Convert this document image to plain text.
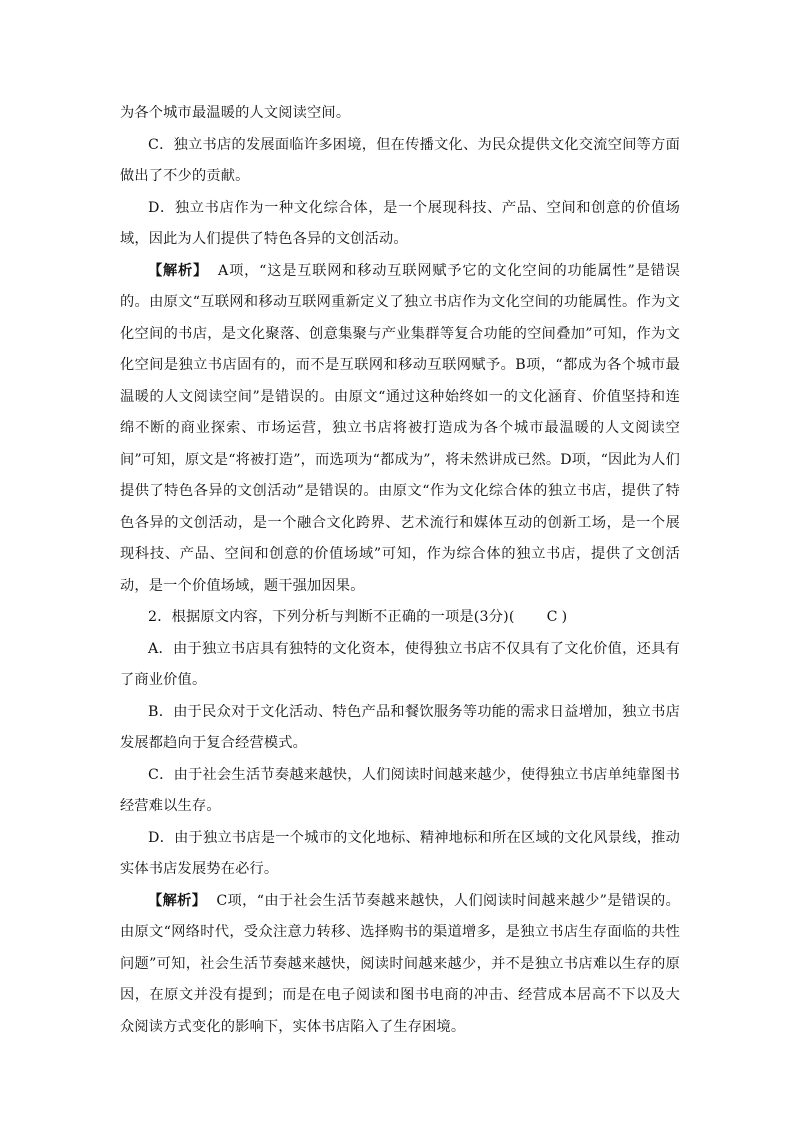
为各个城市最温暖的人文阅读空间。

C．独立书店的发展面临许多困境，但在传播文化、为民众提供文化交流空间等方面做出了不少的贡献。

D．独立书店作为一种文化综合体，是一个展现科技、产品、空间和创意的价值场域，因此为人们提供了特色各异的文创活动。

【解析】 A项，“这是互联网和移动互联网赋予它的文化空间的功能属性”是错误的。由原文“互联网和移动互联网重新定义了独立书店作为文化空间的功能属性。作为文化空间的书店，是文化聚落、创意集聚与产业集群等复合功能的空间叠加”可知，作为文化空间是独立书店固有的，而不是互联网和移动互联网赋予。B项，“都成为各个城市最温暖的人文阅读空间”是错误的。由原文“通过这种始终如一的文化涵育、价值坚持和连绵不断的商业探索、市场运营，独立书店将被打造成为各个城市最温暖的人文阅读空间”可知，原文是“将被打造”，而选项为“都成为”，将未然讲成已然。D项，“因此为人们提供了特色各异的文创活动”是错误的。由原文“作为文化综合体的独立书店，提供了特色各异的文创活动，是一个融合文化跨界、艺术流行和媒体互动的创新工场，是一个展现科技、产品、空间和创意的价值场域”可知，作为综合体的独立书店，提供了文创活动，是一个价值场域，题干强加因果。

2．根据原文内容，下列分析与判断不正确的一项是(3分)( C )

A．由于独立书店具有独特的文化资本，使得独立书店不仅具有了文化价值，还具有了商业价值。

B．由于民众对于文化活动、特色产品和餐饮服务等功能的需求日益增加，独立书店发展都趋向于复合经营模式。

C．由于社会生活节奏越来越快，人们阅读时间越来越少，使得独立书店单纯靠图书经营难以生存。

D．由于独立书店是一个城市的文化地标、精神地标和所在区域的文化风景线，推动实体书店发展势在必行。

【解析】 C项，“由于社会生活节奏越来越快，人们阅读时间越来越少”是错误的。由原文“网络时代，受众注意力转移、选择购书的渠道增多，是独立书店生存面临的共性问题”可知，社会生活节奏越来越快，阅读时间越来越少，并不是独立书店难以生存的原因，在原文并没有提到；而是在电子阅读和图书电商的冲击、经营成本居高不下以及大众阅读方式变化的影响下，实体书店陷入了生存困境。
